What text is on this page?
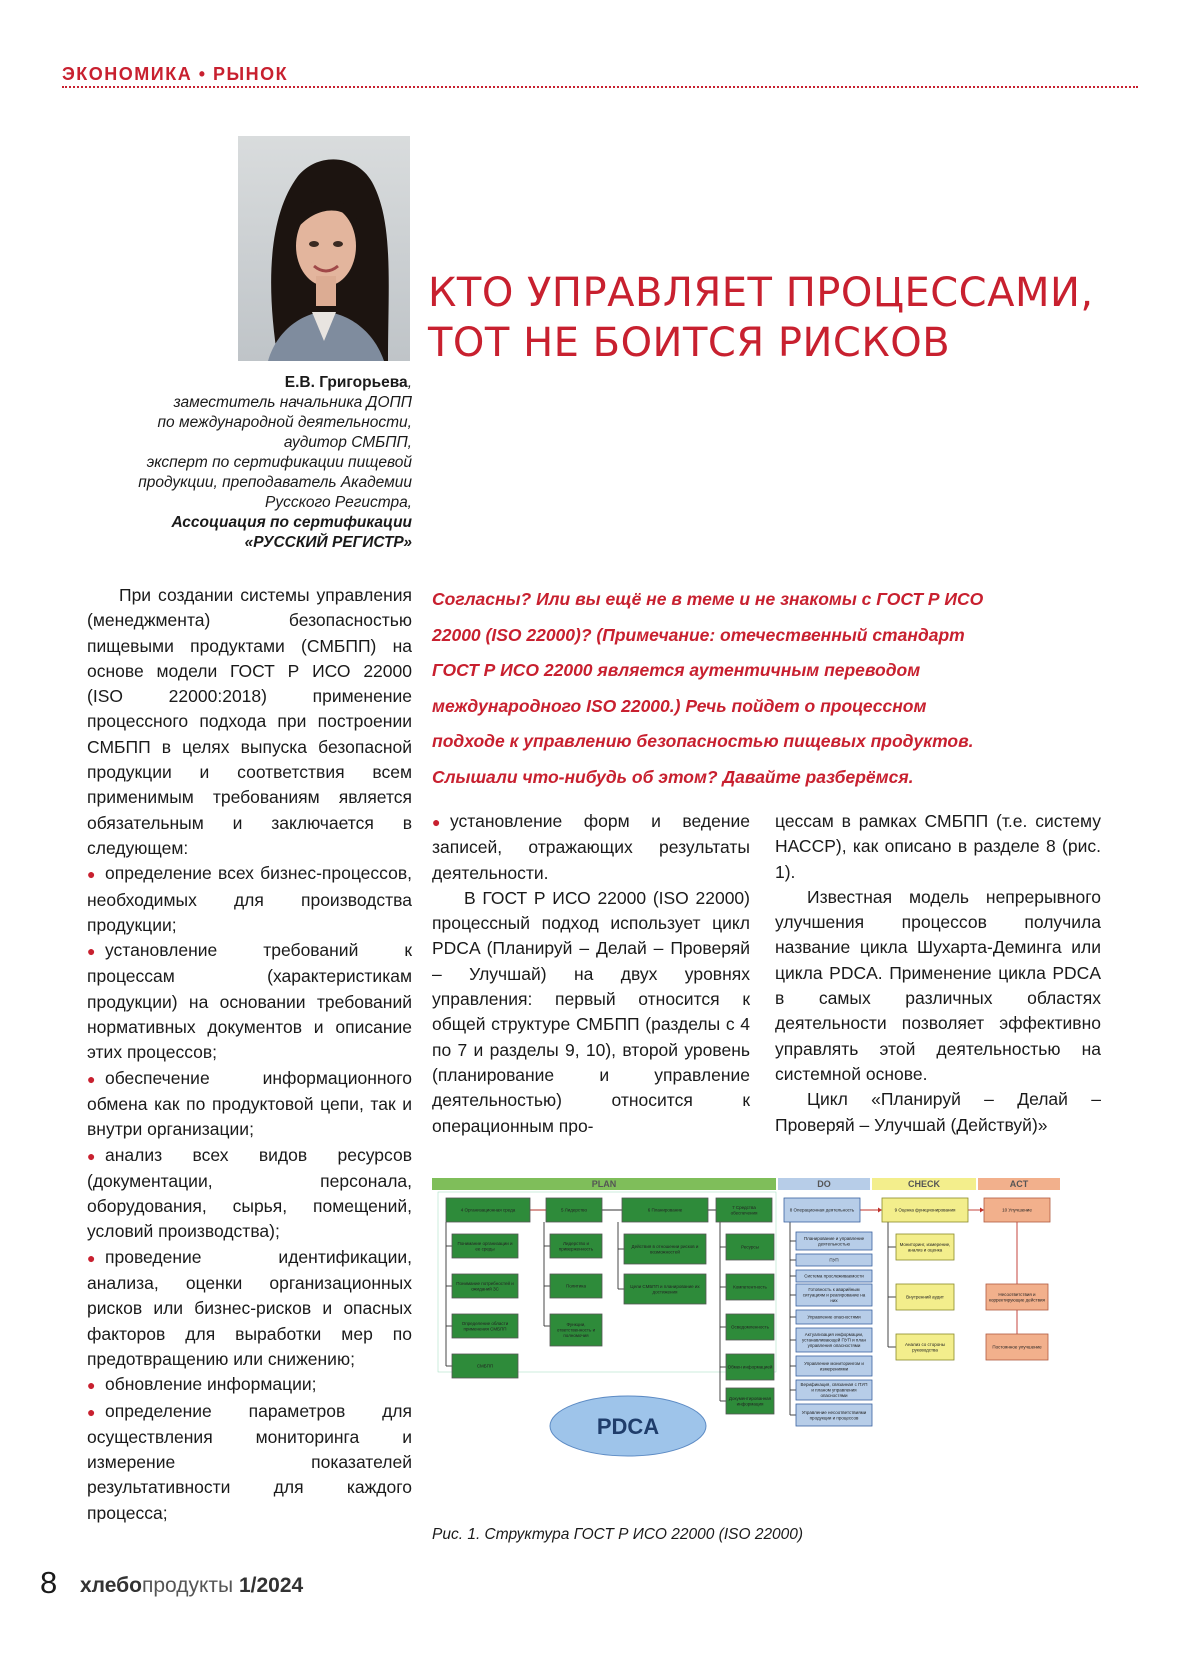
ЭКОНОМИКА • РЫНОК
Е.В. Григорьева,
заместитель начальника ДОПП
по международной деятельности,
аудитор СМБПП,
эксперт по сертификации пищевой
продукции, преподаватель Академии
Русского Регистра,
Ассоциация по сертификации
«РУССКИЙ РЕГИСТР»
КТО УПРАВЛЯЕТ ПРОЦЕССАМИ,
ТОТ НЕ БОИТСЯ РИСКОВ
Согласны? Или вы ещё не в теме и не знакомы с ГОСТ Р ИСО
22000 (ISO 22000)? (Примечание: отечественный стандарт
ГОСТ Р ИСО 22000 является аутентичным переводом
международного ISO 22000.) Речь пойдет о процессном
подходе к управлению безопасностью пищевых продуктов.
Слышали что-нибудь об этом? Давайте разберёмся.

При создании системы управления (менеджмента) безопасностью пищевыми продуктами (СМБПП) на основе модели ГОСТ Р ИСО 22000 (ISO 22000:2018) применение процессного подхода при построении СМБПП в целях выпуска безопасной продукции и соответствия всем применимым требованиям является обязательным и заключается в следующем:

● определение всех бизнес-процессов, необходимых для производства продукции;

● установление требований к процессам (характеристикам продукции) на основании требований нормативных документов и описание этих процессов;

● обеспечение информационного обмена как по продуктовой цепи, так и внутри организации;

● анализ всех видов ресурсов (документации, персонала, оборудования, сырья, помещений, условий производства);

● проведение идентификации, анализа, оценки организационных рисков или бизнес-рисков и опасных факторов для выработки мер по предотвращению или снижению;

● обновление информации;

● определение параметров для осуществления мониторинга и измерение показателей результативности для каждого процесса;

● установление форм и ведение записей, отражающих результаты деятельности.

В ГОСТ Р ИСО 22000 (ISO 22000) процессный подход использует цикл PDCA (Планируй – Делай – Проверяй – Улучшай) на двух уровнях управления: первый относится к общей структуре СМБПП (разделы с 4 по 7 и разделы 9, 10), второй уровень (планирование и управление деятельностью) относится к операционным про-

цессам в рамках СМБПП (т.е. систему НАССР), как описано в разделе 8 (рис. 1).

Известная модель непрерывного улучшения процессов получила название цикла Шухарта-Деминга или цикла PDCA. Применение цикла PDCA в самых различных областях деятельности позволяет эффективно управлять этой деятельностью на системной основе.

Цикл «Планируй – Делай – Проверяй – Улучшай (Действуй)»

PLAN	DO	CHECK	ACT
4 Организационная среда	5 Лидерство	6 Планирование
7 Средства
обеспечения
Понимание организации и
ее среды
Понимание потребностей и
ожиданий ЗС
Определение области
применения СМБПП
СМБПП
Лидерство и
приверженность
Политика
Функции,
ответственность и
полномочия
Действия в отношении рисков и
возможностей
Цели СМБПП и планирование их
достижения
Ресурсы
Компетентность
Осведомленность
Обмен информацией
Документированная
информация
8 Операционная деятельность
Планирование и управление
деятельностью
ПУП
Система прослеживаемости
Готовность к аварийным
ситуациям и реагирование на
них
Управление опасностями
Актуализация информации,
устанавливающей ПУП и план
управления опасностями
Управление мониторингом и
измерениями
Верификация, связанная с ПУП
и планом управления
опасностями
Управление несоответствиями
продукции и процессов
9 Оценка функционирования
Мониторинг, измерение,
анализ и оценка
Внутренний аудит
Анализ со стороны
руководства
10 Улучшение
Несоответствия и
корректирующие действия
Постоянное улучшение
PDCA
Рис. 1. Структура ГОСТ Р ИСО 22000 (ISO 22000)
8 хлебопродукты 1/2024
